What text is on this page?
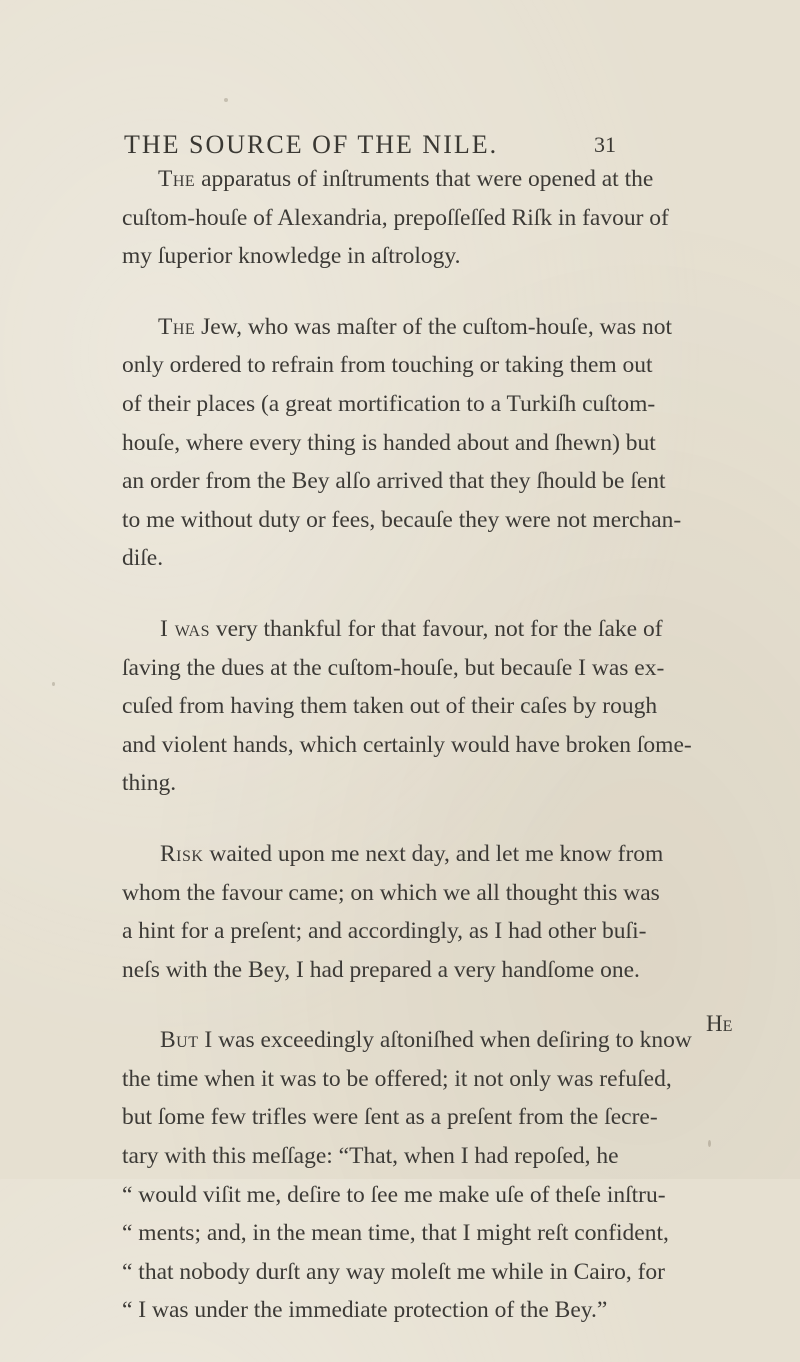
THE SOURCE OF THE NILE.	31
The apparatus of inſtruments that were opened at the
cuſtom-houſe of Alexandria, prepoſſeſſed Riſk in favour of
my ſuperior knowledge in aſtrology.
The Jew, who was maſter of the cuſtom-houſe, was not
only ordered to refrain from touching or taking them out
of their places (a great mortification to a Turkiſh cuſtom-
houſe, where every thing is handed about and ſhewn) but
an order from the Bey alſo arrived that they ſhould be ſent
to me without duty or fees, becauſe they were not merchan-
diſe.
I was very thankful for that favour, not for the ſake of
ſaving the dues at the cuſtom-houſe, but becauſe I was ex-
cuſed from having them taken out of their caſes by rough
and violent hands, which certainly would have broken ſome-
thing.
Risk waited upon me next day, and let me know from
whom the favour came; on which we all thought this was
a hint for a preſent; and accordingly, as I had other buſi-
neſs with the Bey, I had prepared a very handſome one.
But I was exceedingly aſtoniſhed when deſiring to know
the time when it was to be offered; it not only was refuſed,
but ſome few trifles were ſent as a preſent from the ſecre-
tary with this meſſage: “That, when I had repoſed, he
“ would viſit me, deſire to ſee me make uſe of theſe inſtru-
“ ments; and, in the mean time, that I might reſt confident,
“ that nobody durſt any way moleſt me while in Cairo, for
“ I was under the immediate protection of the Bey.”
He
